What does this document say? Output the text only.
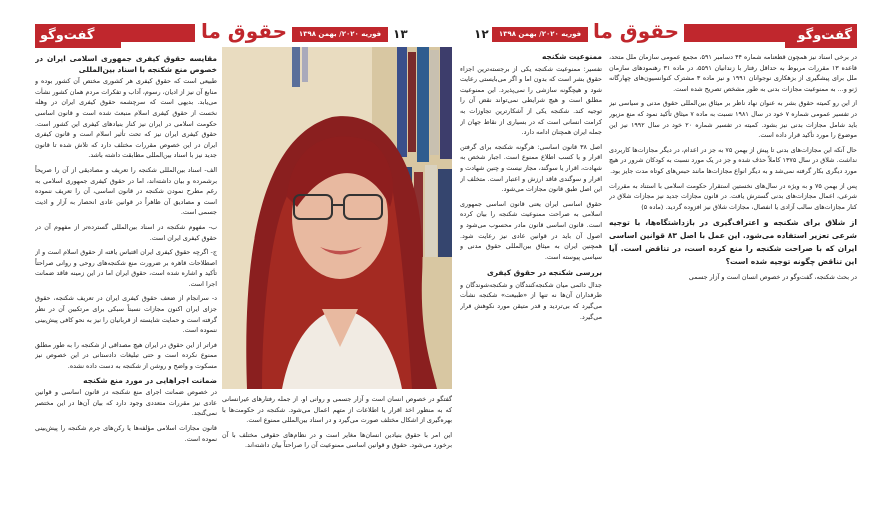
گفت‌وگو	حقوق ما	فوریه ۲۰۲۰/ بهمن ۱۳۹۸ ۱۳	۱۲	فوریه ۲۰۲۰/ بهمن ۱۳۹۸ حقوق ما	گفت‌وگو
مقایسه حقوق کیفری جمهوری اسلامی ایران در خصوص منع شکنجه با اسناد بین‌المللی

طبیعی است که حقوق کیفری هر کشوری مختص آن کشور بوده و منابع آن نیز از ادیان، رسوم، آداب و تفکرات مردم همان کشور نشأت می‌یابد. بدیهی است که سرچشمه حقوق کیفری ایران در وهله نخست از حقوق کیفری اسلام منبعث شده است و قانون اساسی حکومت اسلامی در ایران نیز کنار بنیادهای کیفری این کشور است. حقوق کیفری ایران نیز که تحت تأثیر اسلام است و قانون کیفری ایران در این خصوص مقررات مختلف دارد که تلاش شده تا قانون جدید نیز با اسناد بین‌المللی مطابقت داشته باشد.

الف- اسناد بین‌المللی شکنجه را تعریف و مصادیقی از آن را صریحاً برشمرده و بیان داشته‌اند، اما در حقوق کیفری جمهوری اسلامی به رغم مطرح نمودن شکنجه در قانون اساسی، آن را تعریف ننموده است و مصادیق آن ظاهراً در قوانین عادی انحصار به آزار و اذیت جسمی است.

ب- مفهوم شکنجه در اسناد بین‌المللی گسترده‌تر از مفهوم آن در حقوق کیفری ایران است.

ج- اگرچه حقوق کیفری ایران اقتباس یافته از حقوق اسلام است و از اصطلاحات قاهره بر ضرورت منع شکنجه‌های روحی و روانی صراحتاً تأکید و اشاره شده است، حقوق ایران اما در این زمینه فاقد ضمانت اجرا است.

د- سرانجام از ضعف حقوق کیفری ایران در تعریف شکنجه، حقوق جزای ایران اکنون مجازات نسبتاً سبکی برای مرتکبین آن در نظر گرفته است و حمایت شایسته از قربانیان را نیز به نحو کافی پیش‌بینی ننموده است.

فراتر از این حقوق در ایران هیچ مصداقی از شکنجه را به طور مطلق ممنوع نکرده است و حتی تبلیغات دادستانی در این خصوص نیز مسکوت و واضح و روشن از شکنجه به دست داده نشده.

ضمانت اجراهایی در مورد منع شکنجه

در خصوص ضمانت اجرای منع شکنجه در قانون اساسی و قوانین عادی نیز مقررات متعددی وجود دارد که بیان آن‌ها در این مختصر نمی‌گنجد.

قانون مجازات اسلامی مؤلفه‌ها یا رکن‌های جرم شکنجه را پیش‌بینی نموده است.

گفتگو در خصوص انسان است و آزار جسمی و روانی او. از جمله رفتارهای غیرانسانی که به منظور اخذ اقرار یا اطلاعات از متهم اعمال می‌شود. شکنجه در حکومت‌ها با بهره‌گیری از اشکال مختلف صورت می‌گیرد و در اسناد بین‌المللی ممنوع است.

این امر با حقوق بنیادین انسان‌ها مغایر است و در نظام‌های حقوقی مختلف با آن برخورد می‌شود. حقوق و قوانین اساسی ممنوعیت آن را صراحتاً بیان داشته‌اند.

ممنوعیت شکنجه

تفسیر: ممنوعیت شکنجه یکی از برجسته‌ترین اجزاء حقوق بشر است که بدون اما و اگر می‌بایستی رعایت شود و هیچگونه سازشی را نمی‌پذیرد. این ممنوعیت مطلق است و هیچ شرایطی نمی‌تواند نقض آن را توجیه کند. شکنجه یکی از آشکارترین تجاوزات به کرامت انسانی است که در بسیاری از نقاط جهان از جمله ایران همچنان ادامه دارد.

اصل ۳۸ قانون اساسی: هرگونه شکنجه برای گرفتن اقرار و یا کسب اطلاع ممنوع است. اجبار شخص به شهادت، اقرار یا سوگند، مجاز نیست و چنین شهادت و اقرار و سوگندی فاقد ارزش و اعتبار است. متخلف از این اصل طبق قانون مجازات می‌شود.

حقوق اساسی ایران یعنی قانون اساسی جمهوری اسلامی به صراحت ممنوعیت شکنجه را بیان کرده است. قانون اساسی قانون مادر محسوب می‌شود و اصول آن باید در قوانین عادی نیز رعایت شود. همچنین ایران به میثاق بین‌المللی حقوق مدنی و سیاسی پیوسته است.

بررسی شکنجه در حقوق کیفری

جدال دائمی میان شکنجه‌کنندگان و شکنجه‌شوندگان و طرفداران آن‌ها نه تنها از «طبیعت» شکنجه نشأت می‌گیرد که بی‌تردید و قدر متیقن مورد نکوهش قرار می‌گیرد.

در برخی اسناد نیز همچون قطعنامه شماره ۴۴ دسامبر ۵۹۱، مجمع عمومی سازمان ملل متحد، قاعده ۱۳ مقررات مربوط به حداقل رفتار با زندانیان ۵۵۹۱، در ماده ۳۱ رهنمودهای سازمان ملل برای پیشگیری از بزهکاری نوجوانان ۱۹۹۱ و نیز ماده ۳ مشترک کنوانسیون‌های چهارگانه ژنو و... به ممنوعیت مجازات بدنی به طور مشخص تصریح شده است.

از این رو کمیته حقوق بشر به عنوان نهاد ناظر بر میثاق بین‌المللی حقوق مدنی و سیاسی نیز در تفسیر عمومی شماره ۷ خود در سال ۱۹۸۱ نسبت به ماده ۷ میثاق تأکید نمود که منع مزبور باید شامل مجازات بدنی نیز بشود. کمیته در تفسیر شماره ۲۰ خود در سال ۱۹۹۲ نیز این موضوع را مورد تأکید قرار داده است.

حال آنکه این مجازات‌های بدنی تا پیش از بهمن ۷۵ به جز در اعدام، در دیگر مجازات‌ها کاربردی نداشت. شلاق در سال ۱۳۷۵ کاملاً حذف شده و جز در یک مورد نسبت به کودکان شرور در هیچ مورد دیگری بکار گرفته نمی‌شد و به دیگر انواع مجازات‌ها مانند حبس‌های کوتاه مدت جایز بود.

پس از بهمن ۷۵ و به ویژه در سال‌های نخستین استقرار حکومت اسلامی با استناد به مقررات شرعی، اعمال مجازات‌های بدنی گسترش یافت. در قانون مجازات جدید نیز مجازات شلاق در کنار مجازات‌های سالب آزادی یا انفصال، مجازات شلاق نیز افزوده گردید. (ماده ۵)

از شلاق برای شکنجه و اعتراف‌گیری در بازداشتگاه‌ها، با توجیه شرعی تعزیر استفاده می‌شود. این عمل با اصل ۸۳ قوانین اساسی ایران که با صراحت شکنجه را منع کرده است، در تناقض است. آیا این تناقض چگونه توجیه شده است؟

در بحث شکنجه، گفت‌وگو در خصوص انسان است و آزار جسمی
